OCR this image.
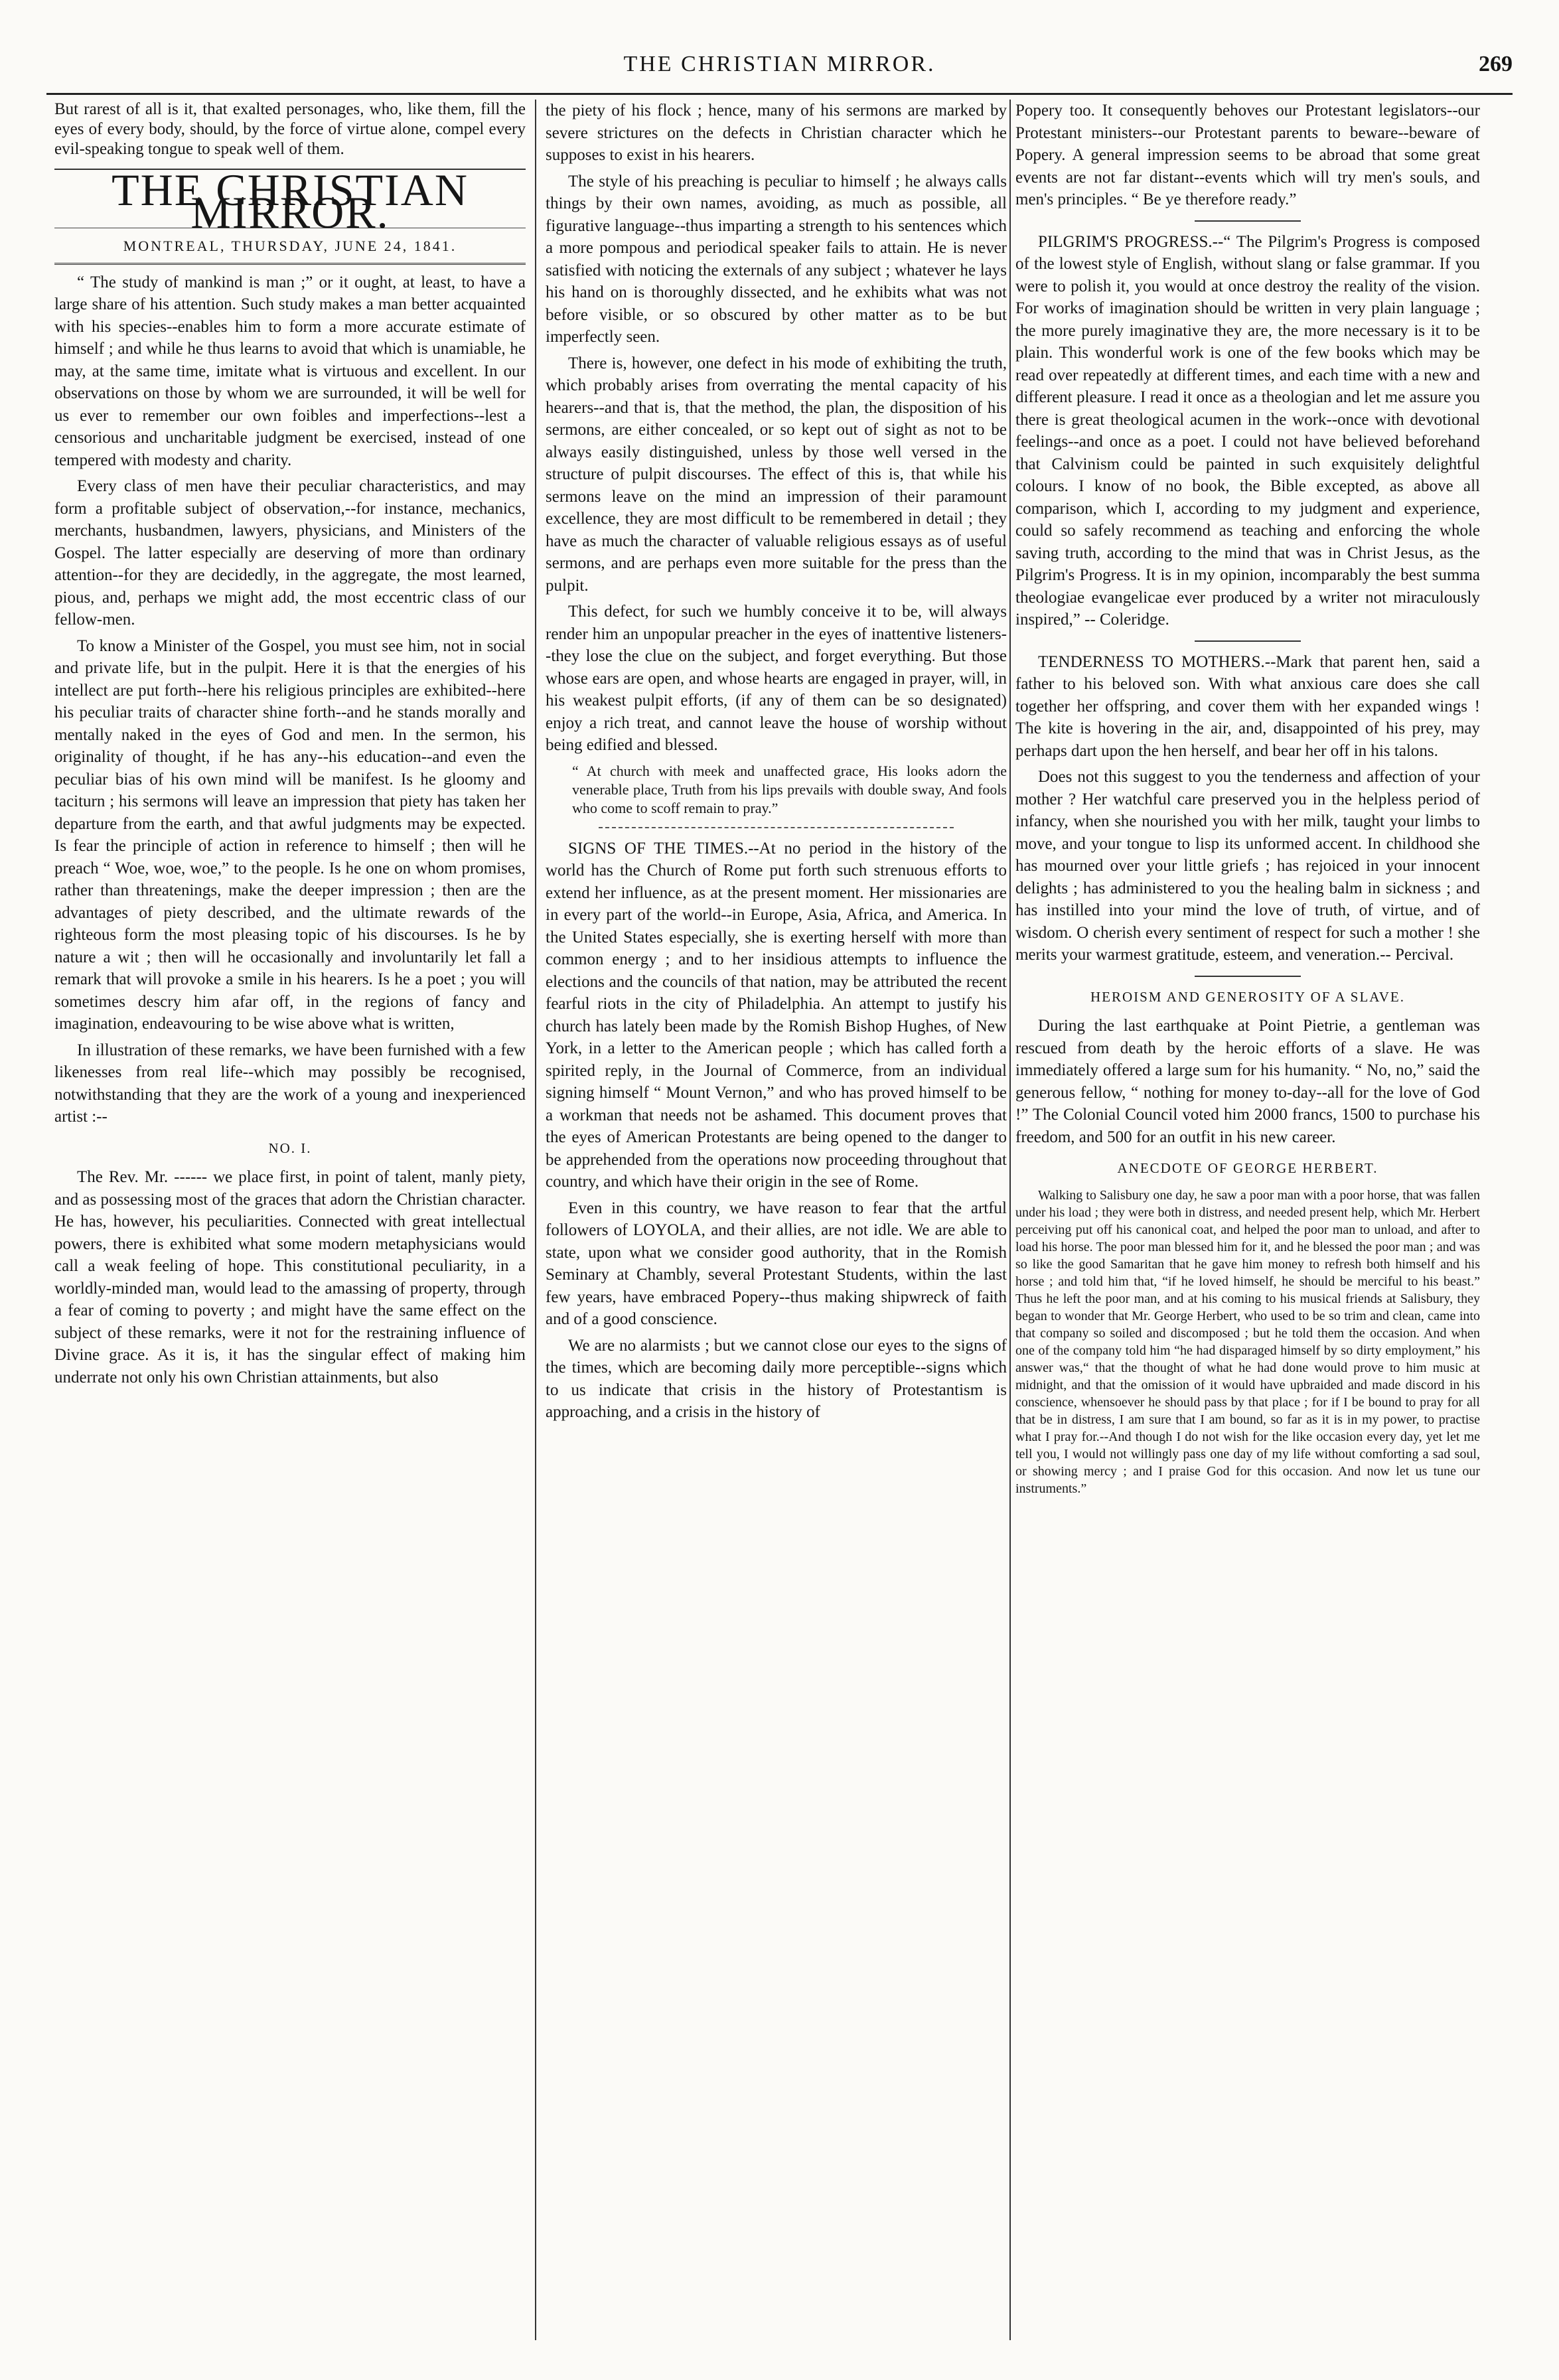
THE CHRISTIAN MIRROR.	269

But rarest of all is it, that exalted personages, who, like them, fill the eyes of every body, should, by the force of virtue alone, compel every evil-speaking tongue to speak well of them.

THE CHRISTIAN MIRROR.
MONTREAL, THURSDAY, JUNE 24, 1841.

“ The study of mankind is man ;” or it ought, at least, to have a large share of his attention. Such study makes a man better acquainted with his species--enables him to form a more accurate estimate of himself ; and while he thus learns to avoid that which is unamiable, he may, at the same time, imitate what is virtuous and excellent. In our observations on those by whom we are surrounded, it will be well for us ever to remember our own foibles and imperfections--lest a censorious and uncharitable judgment be exercised, instead of one tempered with modesty and charity.

Every class of men have their peculiar characteristics, and may form a profitable subject of observation,--for instance, mechanics, merchants, husbandmen, lawyers, physicians, and Ministers of the Gospel. The latter especially are deserving of more than ordinary attention--for they are decidedly, in the aggregate, the most learned, pious, and, perhaps we might add, the most eccentric class of our fellow-men.

To know a Minister of the Gospel, you must see him, not in social and private life, but in the pulpit. Here it is that the energies of his intellect are put forth--here his religious principles are exhibited--here his peculiar traits of character shine forth--and he stands morally and mentally naked in the eyes of God and men. In the sermon, his originality of thought, if he has any--his education--and even the peculiar bias of his own mind will be manifest. Is he gloomy and taciturn ; his sermons will leave an impression that piety has taken her departure from the earth, and that awful judgments may be expected. Is fear the principle of action in reference to himself ; then will he preach “ Woe, woe, woe,” to the people. Is he one on whom promises, rather than threatenings, make the deeper impression ; then are the advantages of piety described, and the ultimate rewards of the righteous form the most pleasing topic of his discourses. Is he by nature a wit ; then will he occasionally and involuntarily let fall a remark that will provoke a smile in his hearers. Is he a poet ; you will sometimes descry him afar off, in the regions of fancy and imagination, endeavouring to be wise above what is written,

In illustration of these remarks, we have been furnished with a few likenesses from real life--which may possibly be recognised, notwithstanding that they are the work of a young and inexperienced artist :--

NO. I.

The Rev. Mr. ------ we place first, in point of talent, manly piety, and as possessing most of the graces that adorn the Christian character. He has, however, his peculiarities. Connected with great intellectual powers, there is exhibited what some modern metaphysicians would call a weak feeling of hope. This constitutional peculiarity, in a worldly-minded man, would lead to the amassing of property, through a fear of coming to poverty ; and might have the same effect on the subject of these remarks, were it not for the restraining influence of Divine grace. As it is, it has the singular effect of making him underrate not only his own Christian attainments, but also

the piety of his flock ; hence, many of his sermons are marked by severe strictures on the defects in Christian character which he supposes to exist in his hearers.

The style of his preaching is peculiar to himself ; he always calls things by their own names, avoiding, as much as possible, all figurative language--thus imparting a strength to his sentences which a more pompous and periodical speaker fails to attain. He is never satisfied with noticing the externals of any subject ; whatever he lays his hand on is thoroughly dissected, and he exhibits what was not before visible, or so obscured by other matter as to be but imperfectly seen.

There is, however, one defect in his mode of exhibiting the truth, which probably arises from overrating the mental capacity of his hearers--and that is, that the method, the plan, the disposition of his sermons, are either concealed, or so kept out of sight as not to be always easily distinguished, unless by those well versed in the structure of pulpit discourses. The effect of this is, that while his sermons leave on the mind an impression of their paramount excellence, they are most difficult to be remembered in detail ; they have as much the character of valuable religious essays as of useful sermons, and are perhaps even more suitable for the press than the pulpit.

This defect, for such we humbly conceive it to be, will always render him an unpopular preacher in the eyes of inattentive listeners--they lose the clue on the subject, and forget everything. But those whose ears are open, and whose hearts are engaged in prayer, will, in his weakest pulpit efforts, (if any of them can be so designated) enjoy a rich treat, and cannot leave the house of worship without being edified and blessed.

“ At church with meek and unaffected grace, His looks adorn the venerable place, Truth from his lips prevails with double sway, And fools who come to scoff remain to pray.”

SIGNS OF THE TIMES.--At no period in the history of the world has the Church of Rome put forth such strenuous efforts to extend her influence, as at the present moment. Her missionaries are in every part of the world--in Europe, Asia, Africa, and America. In the United States especially, she is exerting herself with more than common energy ; and to her insidious attempts to influence the elections and the councils of that nation, may be attributed the recent fearful riots in the city of Philadelphia. An attempt to justify his church has lately been made by the Romish Bishop Hughes, of New York, in a letter to the American people ; which has called forth a spirited reply, in the Journal of Commerce, from an individual signing himself “ Mount Vernon,” and who has proved himself to be a workman that needs not be ashamed. This document proves that the eyes of American Protestants are being opened to the danger to be apprehended from the operations now proceeding throughout that country, and which have their origin in the see of Rome.

Even in this country, we have reason to fear that the artful followers of LOYOLA, and their allies, are not idle. We are able to state, upon what we consider good authority, that in the Romish Seminary at Chambly, several Protestant Students, within the last few years, have embraced Popery--thus making shipwreck of faith and of a good conscience.

We are no alarmists ; but we cannot close our eyes to the signs of the times, which are becoming daily more perceptible--signs which to us indicate that crisis in the history of Protestantism is approaching, and a crisis in the history of

Popery too. It consequently behoves our Protestant legislators--our Protestant ministers--our Protestant parents to beware--beware of Popery. A general impression seems to be abroad that some great events are not far distant--events which will try men's souls, and men's principles. “ Be ye therefore ready.”

PILGRIM'S PROGRESS.--“ The Pilgrim's Progress is composed of the lowest style of English, without slang or false grammar. If you were to polish it, you would at once destroy the reality of the vision. For works of imagination should be written in very plain language ; the more purely imaginative they are, the more necessary is it to be plain. This wonderful work is one of the few books which may be read over repeatedly at different times, and each time with a new and different pleasure. I read it once as a theologian and let me assure you there is great theological acumen in the work--once with devotional feelings--and once as a poet. I could not have believed beforehand that Calvinism could be painted in such exquisitely delightful colours. I know of no book, the Bible excepted, as above all comparison, which I, according to my judgment and experience, could so safely recommend as teaching and enforcing the whole saving truth, according to the mind that was in Christ Jesus, as the Pilgrim's Progress. It is in my opinion, incomparably the best summa theologiae evangelicae ever produced by a writer not miraculously inspired,” -- Coleridge.

TENDERNESS TO MOTHERS.--Mark that parent hen, said a father to his beloved son. With what anxious care does she call together her offspring, and cover them with her expanded wings ! The kite is hovering in the air, and, disappointed of his prey, may perhaps dart upon the hen herself, and bear her off in his talons.

Does not this suggest to you the tenderness and affection of your mother ? Her watchful care preserved you in the helpless period of infancy, when she nourished you with her milk, taught your limbs to move, and your tongue to lisp its unformed accent. In childhood she has mourned over your little griefs ; has rejoiced in your innocent delights ; has administered to you the healing balm in sickness ; and has instilled into your mind the love of truth, of virtue, and of wisdom. O cherish every sentiment of respect for such a mother ! she merits your warmest gratitude, esteem, and veneration.-- Percival.

HEROISM AND GENEROSITY OF A SLAVE.

During the last earthquake at Point Pietrie, a gentleman was rescued from death by the heroic efforts of a slave. He was immediately offered a large sum for his humanity. “ No, no,” said the generous fellow, “ nothing for money to-day--all for the love of God !” The Colonial Council voted him 2000 francs, 1500 to purchase his freedom, and 500 for an outfit in his new career.

ANECDOTE OF GEORGE HERBERT.

Walking to Salisbury one day, he saw a poor man with a poor horse, that was fallen under his load ; they were both in distress, and needed present help, which Mr. Herbert perceiving put off his canonical coat, and helped the poor man to unload, and after to load his horse. The poor man blessed him for it, and he blessed the poor man ; and was so like the good Samaritan that he gave him money to refresh both himself and his horse ; and told him that, “if he loved himself, he should be merciful to his beast.” Thus he left the poor man, and at his coming to his musical friends at Salisbury, they began to wonder that Mr. George Herbert, who used to be so trim and clean, came into that company so soiled and discomposed ; but he told them the occasion. And when one of the company told him “he had disparaged himself by so dirty employment,” his answer was,“ that the thought of what he had done would prove to him music at midnight, and that the omission of it would have upbraided and made discord in his conscience, whensoever he should pass by that place ; for if I be bound to pray for all that be in distress, I am sure that I am bound, so far as it is in my power, to practise what I pray for.--And though I do not wish for the like occasion every day, yet let me tell you, I would not willingly pass one day of my life without comforting a sad soul, or showing mercy ; and I praise God for this occasion. And now let us tune our instruments.”
